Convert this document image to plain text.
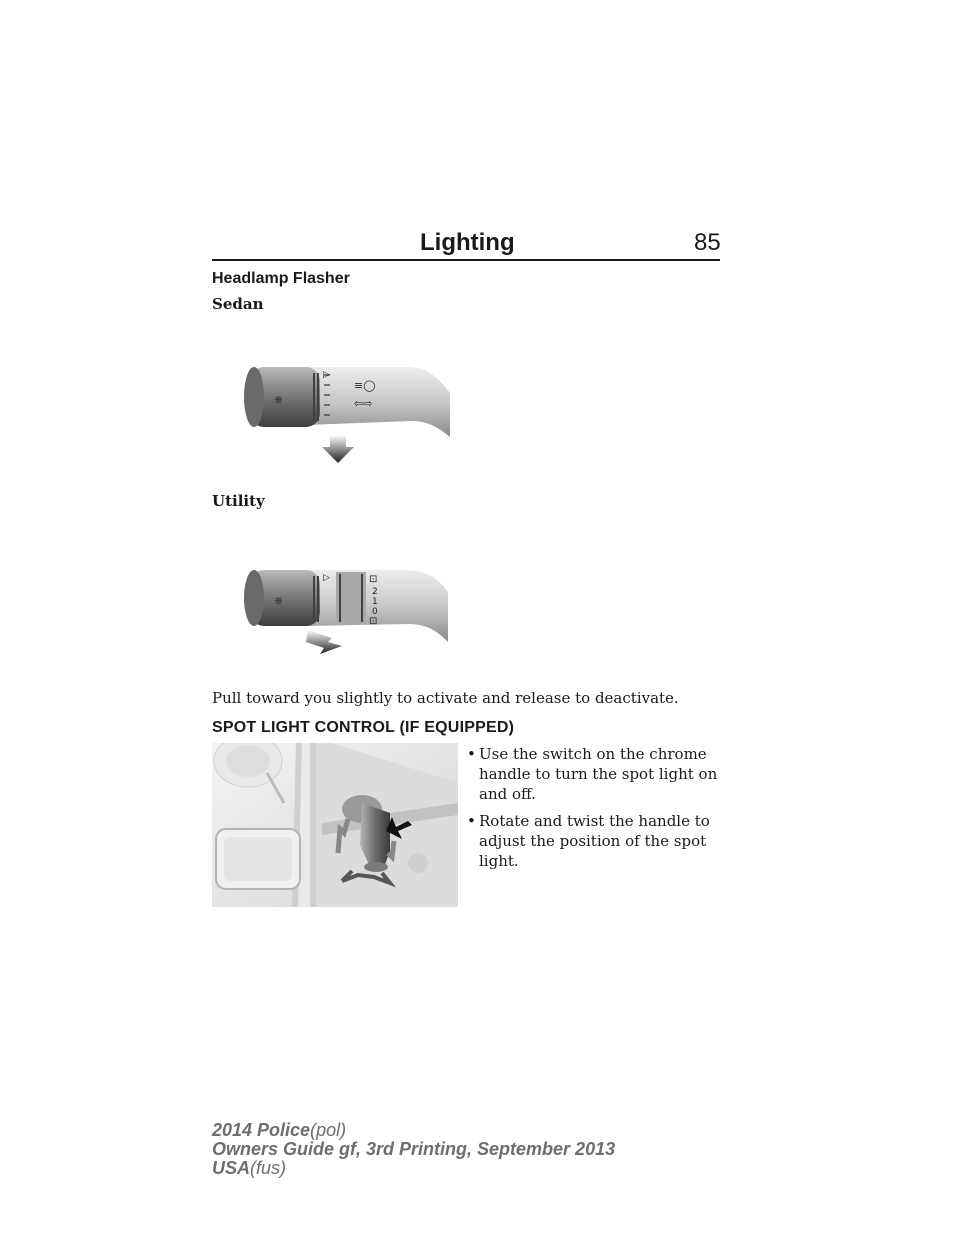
Lighting	85
Headlamp Flasher
Sedan
▷
⎈
≡◯
⇦⇨
Utility
⎈
▷	⊡
2
1
0
⊡
Pull toward you slightly to activate and release to deactivate.
SPOT LIGHT CONTROL (IF EQUIPPED)
• Use the switch on the chrome handle to turn the spot light on and off.
• Rotate and twist the handle to adjust the position of the spot light.
2014 Police(pol)
Owners Guide gf, 3rd Printing, September 2013
USA(fus)
